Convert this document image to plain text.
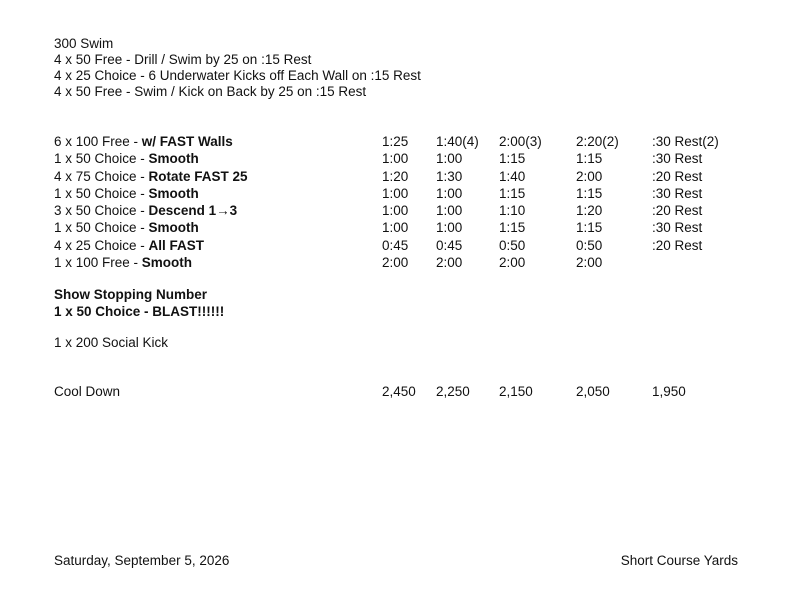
300 Swim
4 x 50 Free - Drill / Swim by 25 on :15 Rest
4 x 25 Choice - 6 Underwater Kicks off Each Wall on :15 Rest
4 x 50 Free - Swim / Kick on Back by 25 on :15 Rest
6 x 100 Free - w/ FAST Walls	1:25 1:40(4) 2:00(3)	2:20(2) :30 Rest(2)
1 x 50 Choice - Smooth	1:00 1:00	1:15	1:15	:30 Rest
4 x 75 Choice - Rotate FAST 25	1:20 1:30	1:40	2:00	:20 Rest
1 x 50 Choice - Smooth	1:00 1:00	1:15	1:15	:30 Rest
3 x 50 Choice - Descend 1→3	1:00 1:00	1:10	1:20	:20 Rest
1 x 50 Choice - Smooth	1:00 1:00	1:15	1:15	:30 Rest
4 x 25 Choice - All FAST	0:45 0:45	0:50	0:50	:20 Rest
1 x 100 Free - Smooth	2:00 2:00	2:00	2:00
Show Stopping Number
1 x 50 Choice - BLAST!!!!!!
1 x 200 Social Kick
Cool Down	2,450 2,250 2,150	2,050	1,950
Saturday, September 5, 2026	Short Course Yards
